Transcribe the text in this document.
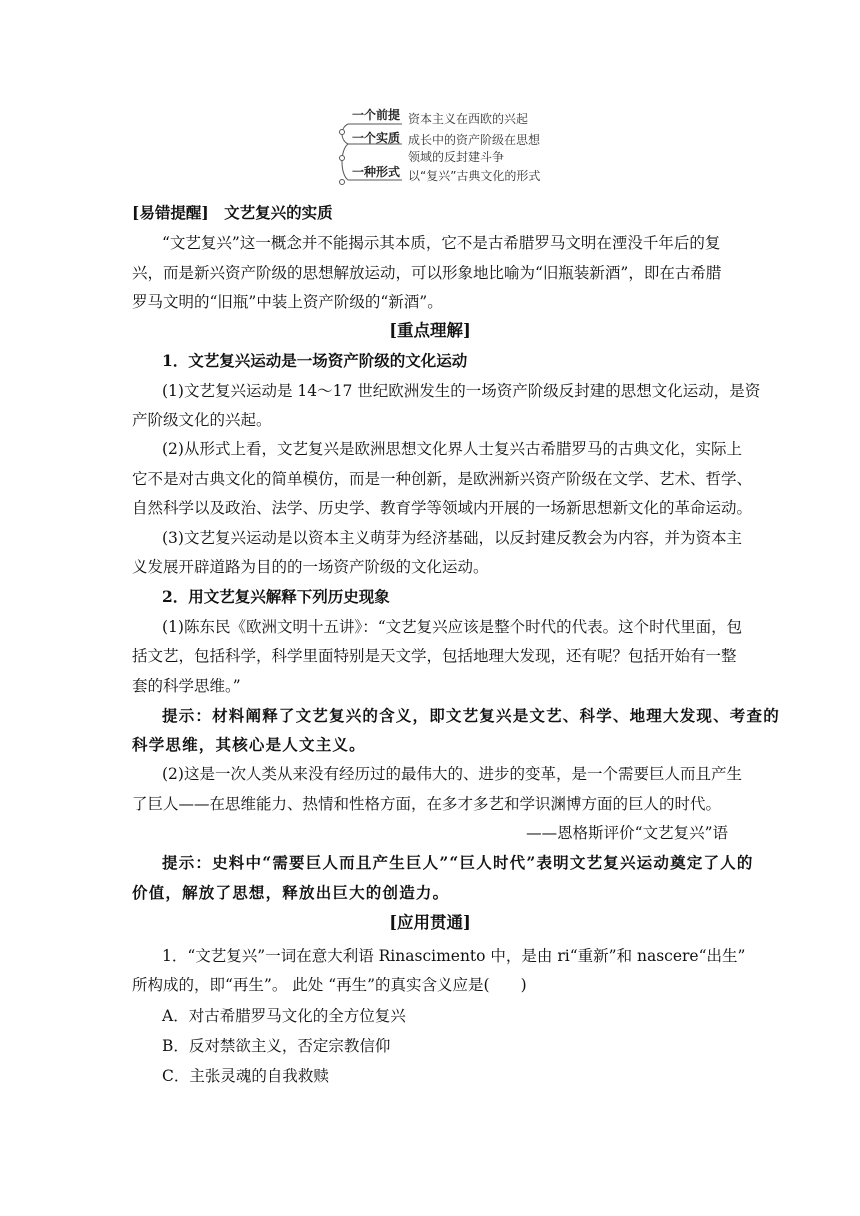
一个前提 资本主义在西欧的兴起
一个实质 成长中的资产阶级在思想
领域的反封建斗争
一种形式 以“复兴”古典文化的形式
[易错提醒]　文艺复兴的实质
“文艺复兴”这一概念并不能揭示其本质，它不是古希腊罗马文明在湮没千年后的复
兴，而是新兴资产阶级的思想解放运动，可以形象地比喻为“旧瓶装新酒”，即在古希腊
罗马文明的“旧瓶”中装上资产阶级的“新酒”。
[重点理解]
1．文艺复兴运动是一场资产阶级的文化运动
(1)文艺复兴运动是 14～17 世纪欧洲发生的一场资产阶级反封建的思想文化运动，是资
产阶级文化的兴起。
(2)从形式上看，文艺复兴是欧洲思想文化界人士复兴古希腊罗马的古典文化，实际上
它不是对古典文化的简单模仿，而是一种创新，是欧洲新兴资产阶级在文学、艺术、哲学、
自然科学以及政治、法学、历史学、教育学等领域内开展的一场新思想新文化的革命运动。
(3)文艺复兴运动是以资本主义萌芽为经济基础，以反封建反教会为内容，并为资本主
义发展开辟道路为目的的一场资产阶级的文化运动。
2．用文艺复兴解释下列历史现象
(1)陈东民《欧洲文明十五讲》：“文艺复兴应该是整个时代的代表。这个时代里面，包
括文艺，包括科学，科学里面特别是天文学，包括地理大发现，还有呢？包括开始有一整
套的科学思维。”
提示：材料阐释了文艺复兴的含义，即文艺复兴是文艺、科学、地理大发现、考查的
科学思维，其核心是人文主义。
(2)这是一次人类从来没有经历过的最伟大的、进步的变革，是一个需要巨人而且产生
了巨人——在思维能力、热情和性格方面，在多才多艺和学识渊博方面的巨人的时代。
——恩格斯评价“文艺复兴”语
提示：史料中“需要巨人而且产生巨人”“巨人时代”表明文艺复兴运动奠定了人的
价值，解放了思想，释放出巨大的创造力。
[应用贯通]
1．“文艺复兴”一词在意大利语 Rinascimento 中，是由 ri“重新”和 nascere“出生”
所构成的，即“再生”。 此处 “再生”的真实含义应是(　　)
A．对古希腊罗马文化的全方位复兴
B．反对禁欲主义，否定宗教信仰
C．主张灵魂的自我救赎
